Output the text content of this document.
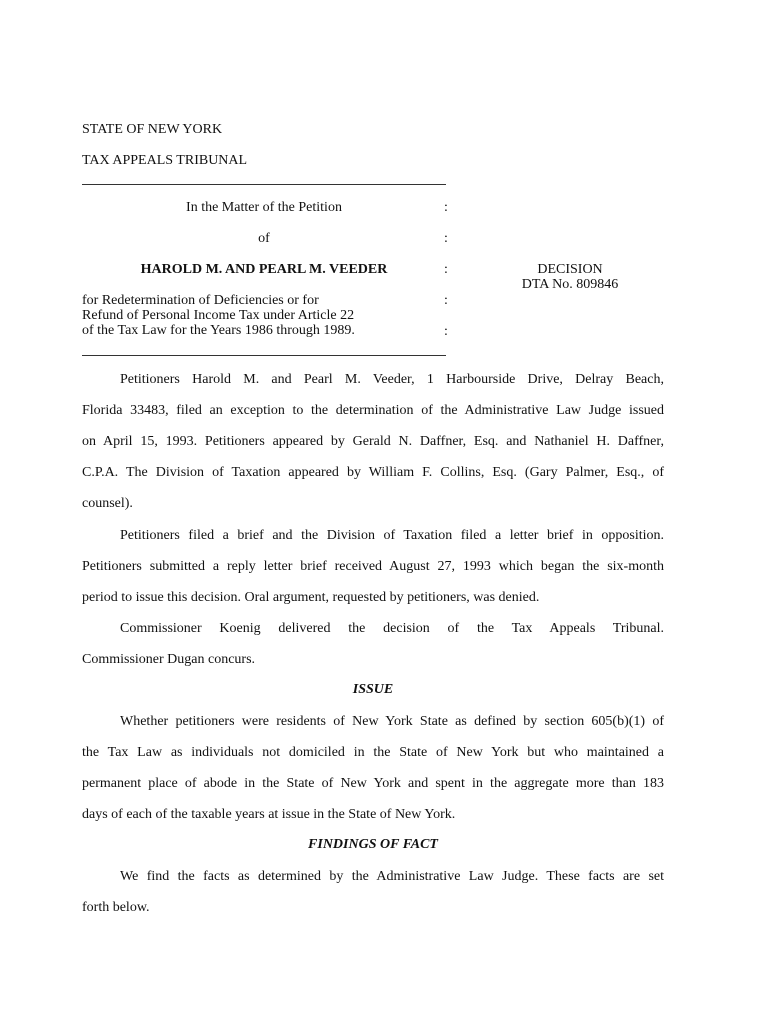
STATE OF NEW YORK
TAX APPEALS TRIBUNAL
In the Matter of the Petition	:
of	:
HAROLD M. AND PEARL M. VEEDER	:	DECISION
DTA No. 809846
for Redetermination of Deficiencies or for
Refund of Personal Income Tax under Article 22
of the Tax Law for the Years 1986 through 1989.
:
:
Petitioners Harold M. and Pearl M. Veeder, 1 Harbourside Drive, Delray Beach,
Florida 33483, filed an exception to the determination of the Administrative Law Judge issued
on April 15, 1993. Petitioners appeared by Gerald N. Daffner, Esq. and Nathaniel H. Daffner,
C.P.A. The Division of Taxation appeared by William F. Collins, Esq. (Gary Palmer, Esq., of
counsel).
Petitioners filed a brief and the Division of Taxation filed a letter brief in opposition.
Petitioners submitted a reply letter brief received August 27, 1993 which began the six-month
period to issue this decision. Oral argument, requested by petitioners, was denied.
Commissioner Koenig delivered the decision of the Tax Appeals Tribunal.
Commissioner Dugan concurs.
ISSUE
Whether petitioners were residents of New York State as defined by section 605(b)(1) of
the Tax Law as individuals not domiciled in the State of New York but who maintained a
permanent place of abode in the State of New York and spent in the aggregate more than 183
days of each of the taxable years at issue in the State of New York.
FINDINGS OF FACT
We find the facts as determined by the Administrative Law Judge. These facts are set
forth below.
